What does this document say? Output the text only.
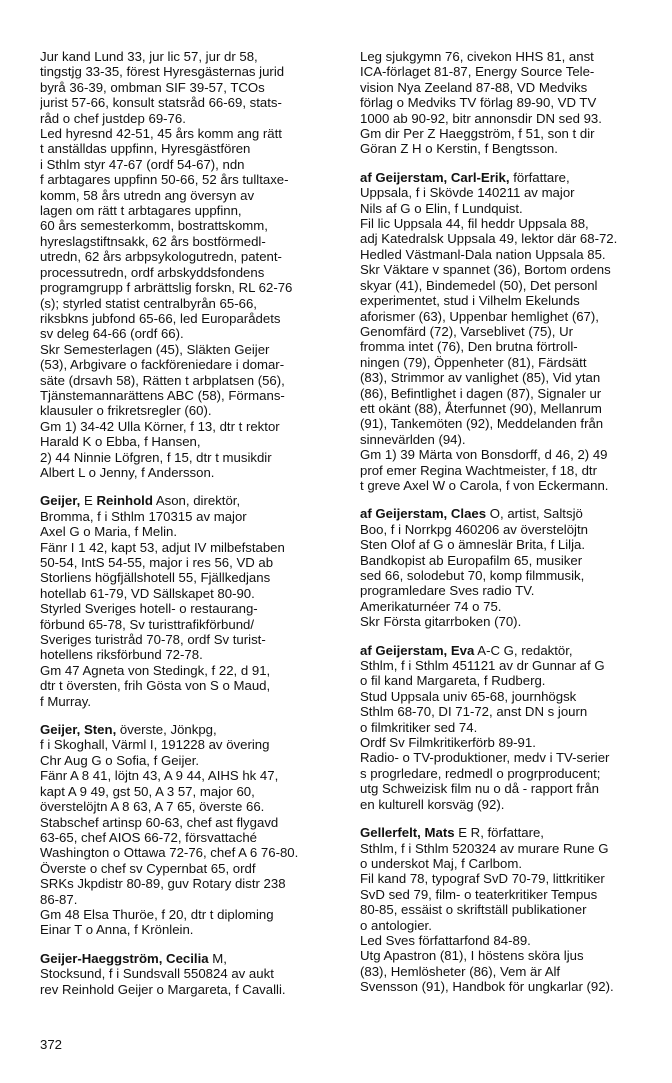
Jur kand Lund 33, jur lic 57, jur dr 58,
tingstjg 33-35, förest Hyresgästernas jurid
byrå 36-39, ombman SIF 39-57, TCOs
jurist 57-66, konsult statsråd 66-69, stats-
råd o chef justdep 69-76.
Led hyresnd 42-51, 45 års komm ang rätt
t anställdas uppfinn, Hyresgästfören
i Sthlm styr 47-67 (ordf 54-67), ndn
f arbtagares uppfinn 50-66, 52 års tulltaxe-
komm, 58 års utredn ang översyn av
lagen om rätt t arbtagares uppfinn,
60 års semesterkomm, bostrattskomm,
hyreslagstiftnsakk, 62 års bostförmedl-
utredn, 62 års arbpsykologutredn, patent-
processutredn, ordf arbskyddsfondens
programgrupp f arbrättslig forskn, RL 62-76
(s); styrled statist centralbyrån 65-66,
riksbkns jubfond 65-66, led Europarådets
sv deleg 64-66 (ordf 66).
Skr Semesterlagen (45), Släkten Geijer
(53), Arbgivare o fackföreniedare i domar-
säte (drsavh 58), Rätten t arbplatsen (56),
Tjänstemannarättens ABC (58), Förmans-
klausuler o frikretsregler (60).
Gm 1) 34-42 Ulla Körner, f 13, dtr t rektor
Harald K o Ebba, f Hansen,
2) 44 Ninnie Löfgren, f 15, dtr t musikdir
Albert L o Jenny, f Andersson.
Geijer, E Reinhold Ason, direktör,
Bromma, f i Sthlm 170315 av major
Axel G o Maria, f Melin.
Fänr I 1 42, kapt 53, adjut IV milbefstaben
50-54, IntS 54-55, major i res 56, VD ab
Storliens högfjällshotell 55, Fjällkedjans
hotellab 61-79, VD Sällskapet 80-90.
Styrled Sveriges hotell- o restaurang-
förbund 65-78, Sv turisttrafikförbund/
Sveriges turistråd 70-78, ordf Sv turist-
hotellens riksförbund 72-78.
Gm 47 Agneta von Stedingk, f 22, d 91,
dtr t översten, frih Gösta von S o Maud,
f Murray.
Geijer, Sten, överste, Jönkpg,
f i Skoghall, Värml I, 191228 av övering
Chr Aug G o Sofia, f Geijer.
Fänr A 8 41, löjtn 43, A 9 44, AIHS hk 47,
kapt A 9 49, gst 50, A 3 57, major 60,
överstelöjtn A 8 63, A 7 65, överste 66.
Stabschef artinsp 60-63, chef ast flygavd
63-65, chef AIOS 66-72, försvattaché
Washington o Ottawa 72-76, chef A 6 76-80.
Överste o chef sv Cypernbat 65, ordf
SRKs Jkpdistr 80-89, guv Rotary distr 238
86-87.
Gm 48 Elsa Thuröe, f 20, dtr t diploming
Einar T o Anna, f Krönlein.
Geijer-Haeggström, Cecilia M,
Stocksund, f i Sundsvall 550824 av aukt
rev Reinhold Geijer o Margareta, f Cavalli.
Leg sjukgymn 76, civekon HHS 81, anst
ICA-förlaget 81-87, Energy Source Tele-
vision Nya Zeeland 87-88, VD Medviks
förlag o Medviks TV förlag 89-90, VD TV
1000 ab 90-92, bitr annonsdir DN sed 93.
Gm dir Per Z Haeggström, f 51, son t dir
Göran Z H o Kerstin, f Bengtsson.
af Geijerstam, Carl-Erik, författare,
Uppsala, f i Skövde 140211 av major
Nils af G o Elin, f Lundquist.
Fil lic Uppsala 44, fil heddr Uppsala 88,
adj Katedralsk Uppsala 49, lektor där 68-72.
Hedled Västmanl-Dala nation Uppsala 85.
Skr Väktare v spannet (36), Bortom ordens
skyar (41), Bindemedel (50), Det personl
experimentet, stud i Vilhelm Ekelunds
aforismer (63), Uppenbar hemlighet (67),
Genomfärd (72), Varseblivet (75), Ur
fromma intet (76), Den brutna förtroll-
ningen (79), Öppenheter (81), Färdsätt
(83), Strimmor av vanlighet (85), Vid ytan
(86), Befintlighet i dagen (87), Signaler ur
ett okänt (88), Återfunnet (90), Mellanrum
(91), Tankemöten (92), Meddelanden från
sinnevärlden (94).
Gm 1) 39 Märta von Bonsdorff, d 46, 2) 49
prof emer Regina Wachtmeister, f 18, dtr
t greve Axel W o Carola, f von Eckermann.
af Geijerstam, Claes O, artist, Saltsjö
Boo, f i Norrkpg 460206 av överstelöjtn
Sten Olof af G o ämneslär Brita, f Lilja.
Bandkopist ab Europafilm 65, musiker
sed 66, solodebut 70, komp filmmusik,
programledare Sves radio TV.
Amerikaturnéer 74 o 75.
Skr Första gitarrboken (70).
af Geijerstam, Eva A-C G, redaktör,
Sthlm, f i Sthlm 451121 av dr Gunnar af G
o fil kand Margareta, f Rudberg.
Stud Uppsala univ 65-68, journhögsk
Sthlm 68-70, DI 71-72, anst DN s journ
o filmkritiker sed 74.
Ordf Sv Filmkritikerförb 89-91.
Radio- o TV-produktioner, medv i TV-serier
s progrledare, redmedl o progrproducent;
utg Schweizisk film nu o då - rapport från
en kulturell korsväg (92).
Gellerfelt, Mats E R, författare,
Sthlm, f i Sthlm 520324 av murare Rune G
o underskot Maj, f Carlbom.
Fil kand 78, typograf SvD 70-79, littkritiker
SvD sed 79, film- o teaterkritiker Tempus
80-85, essäist o skriftställ publikationer
o antologier.
Led Sves författarfond 84-89.
Utg Apastron (81), I höstens sköra ljus
(83), Hemlösheter (86), Vem är Alf
Svensson (91), Handbok för ungkarlar (92).
372
